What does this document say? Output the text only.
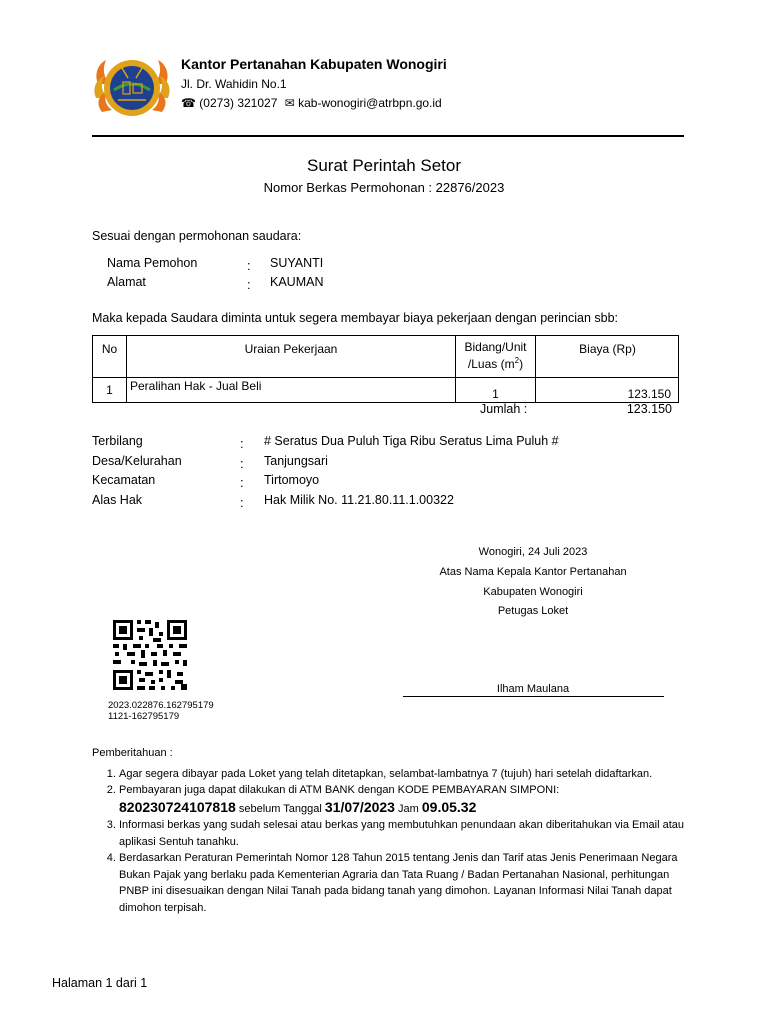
Kantor Pertanahan Kabupaten Wonogiri
Jl. Dr. Wahidin No.1
☎ (0273) 321027 ✉ kab-wonogiri@atrbpn.go.id
Surat Perintah Setor
Nomor Berkas Permohonan : 22876/2023
Sesuai dengan permohonan saudara:
Nama Pemohon	: SUYANTI
Alamat	: KAUMAN
Maka kepada Saudara diminta untuk segera membayar biaya pekerjaan dengan perincian sbb:
No	Uraian Pekerjaan	Bidang/Unit
/Luas $(m^2)$	Biaya (Rp)
1	Peralihan Hak - Jual Beli	1	123.150
Jumlah :	123.150
Terbilang	: # Seratus Dua Puluh Tiga Ribu Seratus Lima Puluh #
Desa/Kelurahan	: Tanjungsari
Kecamatan	: Tirtomoyo
Alas Hak	: Hak Milik No. 11.21.80.11.1.00322
Wonogiri, 24 Juli 2023
Atas Nama Kepala Kantor Pertanahan
Kabupaten Wonogiri
Petugas Loket
Ilham Maulana
2023.022876.162795179
1121-162795179
Pemberitahuan :
1. Agar segera dibayar pada Loket yang telah ditetapkan, selambat-lambatnya 7 (tujuh) hari setelah didaftarkan.
2. Pembayaran juga dapat dilakukan di ATM BANK dengan KODE PEMBAYARAN SIMPONI:
820230724107818 sebelum Tanggal 31/07/2023 Jam 09.05.32
3. Informasi berkas yang sudah selesai atau berkas yang membutuhkan penundaan akan diberitahukan via Email atau aplikasi Sentuh tanahku.
4. Berdasarkan Peraturan Pemerintah Nomor 128 Tahun 2015 tentang Jenis dan Tarif atas Jenis Penerimaan Negara Bukan Pajak yang berlaku pada Kementerian Agraria dan Tata Ruang / Badan Pertanahan Nasional, perhitungan PNBP ini disesuaikan dengan Nilai Tanah pada bidang tanah yang dimohon. Layanan Informasi Nilai Tanah dapat dimohon terpisah.
Halaman 1 dari 1
